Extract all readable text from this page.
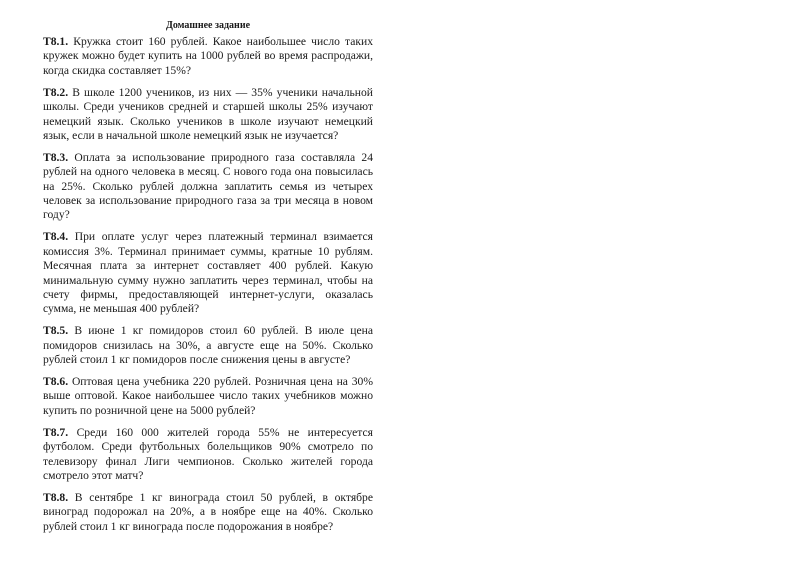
Домашнее задание

Т8.1. Кружка стоит 160 рублей. Какое наибольшее число таких кружек можно будет купить на 1000 рублей во время распродажи, когда скидка составляет 15%?

Т8.2. В школе 1200 учеников, из них — 35% ученики начальной школы. Среди учеников средней и старшей школы 25% изучают немецкий язык. Сколько учеников в школе изучают немецкий язык, если в начальной школе немецкий язык не изучается?

Т8.3. Оплата за использование природного газа составляла 24 рублей на одного человека в месяц. С нового года она повысилась на 25%. Сколько рублей должна заплатить семья из четырех человек за использование природного газа за три месяца в новом году?

Т8.4. При оплате услуг через платежный терминал взимается комиссия 3%. Терминал принимает суммы, кратные 10 рублям. Месячная плата за интернет составляет 400 рублей. Какую минимальную сумму нужно заплатить через терминал, чтобы на счету фирмы, предоставляющей интернет-услуги, оказалась сумма, не меньшая 400 рублей?

Т8.5. В июне 1 кг помидоров стоил 60 рублей. В июле цена помидоров снизилась на 30%, а августе еще на 50%. Сколько рублей стоил 1 кг помидоров после снижения цены в августе?

Т8.6. Оптовая цена учебника 220 рублей. Розничная цена на 30% выше оптовой. Какое наибольшее число таких учебников можно купить по розничной цене на 5000 рублей?

Т8.7. Среди 160 000 жителей города 55% не интересуется футболом. Среди футбольных болельщиков 90% смотрело по телевизору финал Лиги чемпионов. Сколько жителей города смотрело этот матч?

Т8.8. В сентябре 1 кг винограда стоил 50 рублей, в октябре виноград подорожал на 20%, а в ноябре еще на 40%. Сколько рублей стоил 1 кг винограда после подорожания в ноябре?
